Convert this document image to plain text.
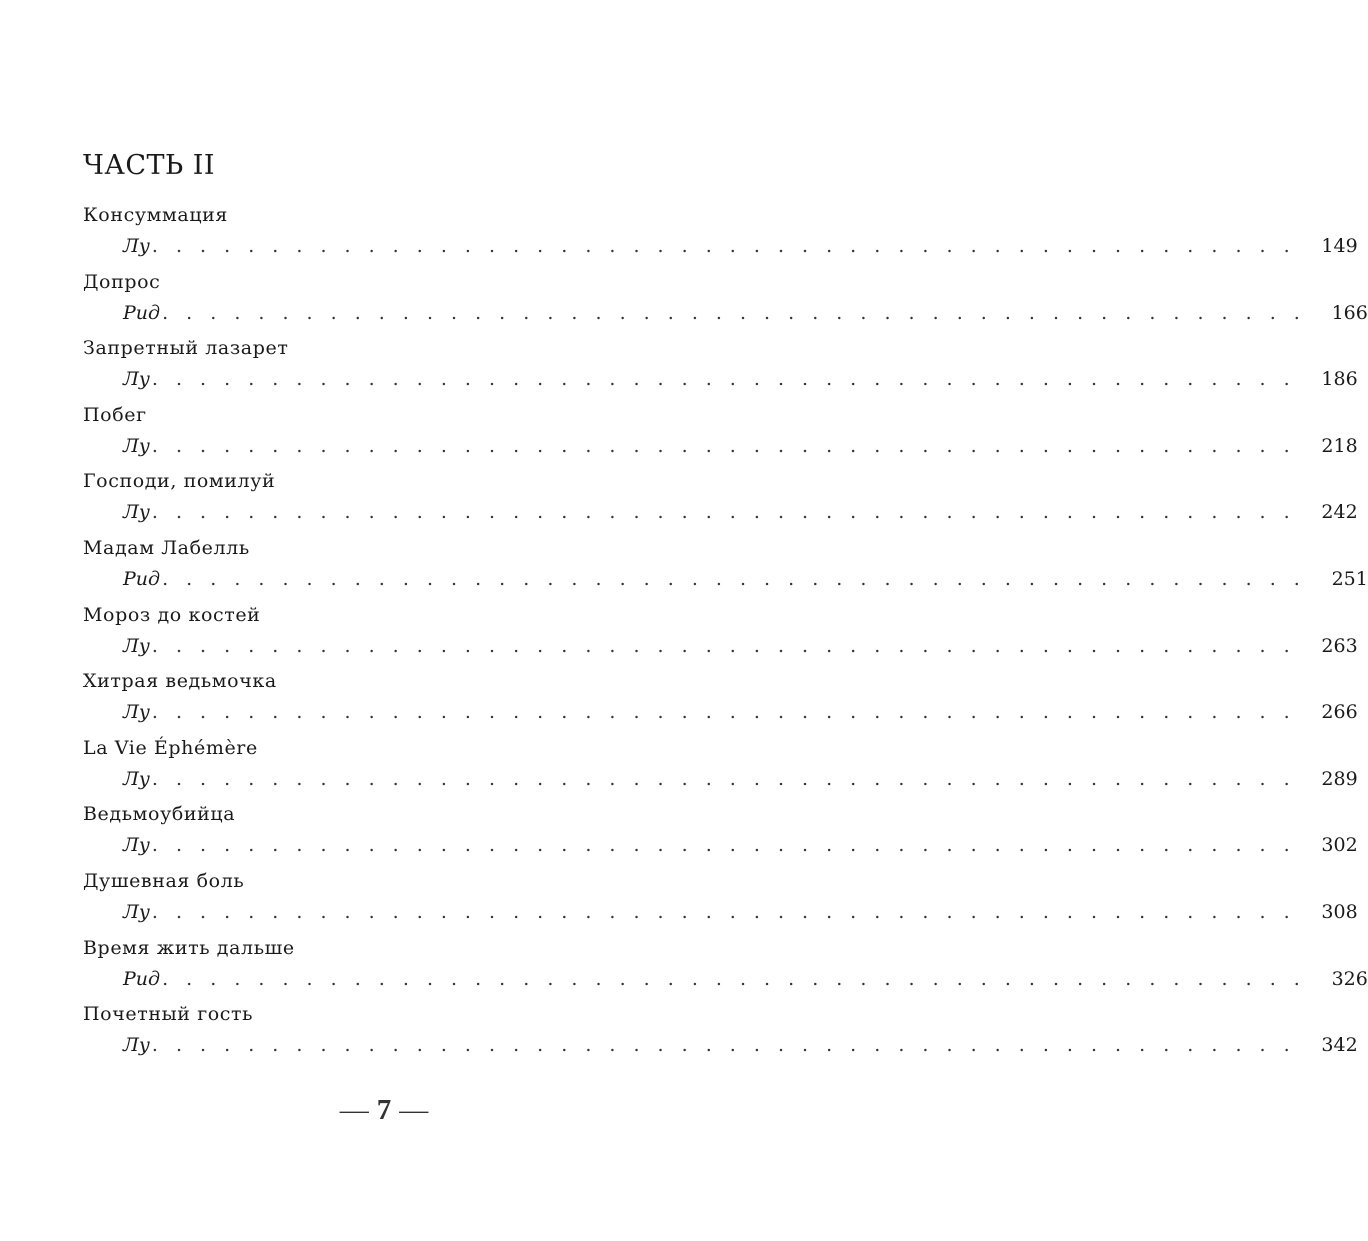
ЧАСТЬ II
Консуммация
Лу . . . . . . . . . . . . . . . . . . . . . . . . . . . . . . . . . . . . . . . . . . . . . . . . 149
Допрос
Рид . . . . . . . . . . . . . . . . . . . . . . . . . . . . . . . . . . . . . . . . . . . . . . . . 166
Запретный лазарет
Лу . . . . . . . . . . . . . . . . . . . . . . . . . . . . . . . . . . . . . . . . . . . . . . . . 186
Побег
Лу . . . . . . . . . . . . . . . . . . . . . . . . . . . . . . . . . . . . . . . . . . . . . . . . 218
Господи, помилуй
Лу . . . . . . . . . . . . . . . . . . . . . . . . . . . . . . . . . . . . . . . . . . . . . . . . 242
Мадам Лабелль
Рид . . . . . . . . . . . . . . . . . . . . . . . . . . . . . . . . . . . . . . . . . . . . . . . . 251
Мороз до костей
Лу . . . . . . . . . . . . . . . . . . . . . . . . . . . . . . . . . . . . . . . . . . . . . . . . 263
Хитрая ведьмочка
Лу . . . . . . . . . . . . . . . . . . . . . . . . . . . . . . . . . . . . . . . . . . . . . . . . 266
La Vie Éphémère
Лу . . . . . . . . . . . . . . . . . . . . . . . . . . . . . . . . . . . . . . . . . . . . . . . . 289
Ведьмоубийца
Лу . . . . . . . . . . . . . . . . . . . . . . . . . . . . . . . . . . . . . . . . . . . . . . . . 302
Душевная боль
Лу . . . . . . . . . . . . . . . . . . . . . . . . . . . . . . . . . . . . . . . . . . . . . . . . 308
Время жить дальше
Рид . . . . . . . . . . . . . . . . . . . . . . . . . . . . . . . . . . . . . . . . . . . . . . . . 326
Почетный гость
Лу . . . . . . . . . . . . . . . . . . . . . . . . . . . . . . . . . . . . . . . . . . . . . . . . 342
— 7 —
